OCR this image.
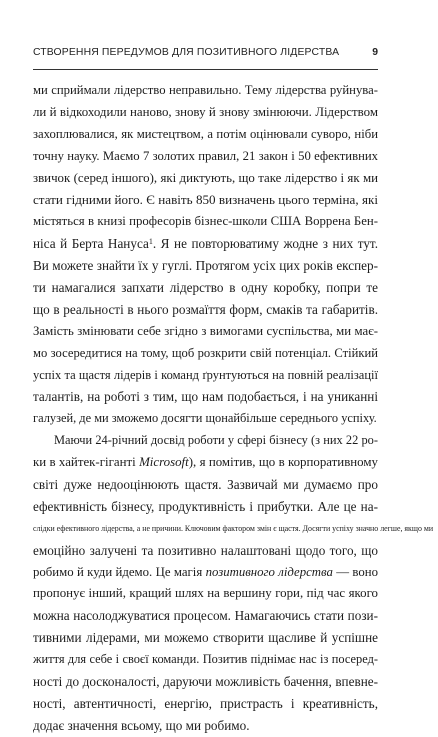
СТВОРЕННЯ ПЕРЕДУМОВ ДЛЯ ПОЗИТИВНОГО ЛІДЕРСТВА	9
ми сприймали лідерство неправильно. Тему лідерства руйнува-
ли й відкоходили наново, знову й знову змінюючи. Лідерством
захоплювалися, як мистецтвом, а потім оцінювали суворо, ніби
точну науку. Маємо 7 золотих правил, 21 закон і 50 ефективних
звичок (серед іншого), які диктують, що таке лідерство і як ми
стати гідними його. Є навіть 850 визначень цього терміна, які
містяться в книзі професорів бізнес-школи США Воррена Бен-
ніса й Берта Нануса$^1$. Я не повторюватиму жодне з них тут.
Ви можете знайти їх у гуглі. Протягом усіх цих років експер-
ти намагалися запхати лідерство в одну коробку, попри те
що в реальності в нього розмаїття форм, смаків та габаритів.
Замість змінювати себе згідно з вимогами суспільства, ми має-
мо зосередитися на тому, щоб розкрити свій потенціал. Стійкий
успіх та щастя лідерів і команд ґрунтуються на повній реалізації
талантів, на роботі з тим, що нам подобається, і на униканні
галузей, де ми зможемо досягти щонайбільше середнього успіху.
Маючи 24-річний досвід роботи у сфері бізнесу (з них 22 ро-
ки в хайтек-гіганті Microsoft), я помітив, що в корпоративному
світі дуже недооцінюють щастя. Зазвичай ми думаємо про
ефективність бізнесу, продуктивність і прибутки. Але це на-
слідки ефективного лідерства, а не причини. Ключовим фактором змін є щастя. Досягти успіху значно легше, якщо ми
емоційно залучені та позитивно налаштовані щодо того, що
робимо й куди йдемо. Це магія позитивного лідерства — воно
пропонує інший, кращий шлях на вершину гори, під час якого
можна насолоджуватися процесом. Намагаючись стати пози-
тивними лідерами, ми можемо створити щасливе й успішне
життя для себе і своєї команди. Позитив піднімає нас із посеред-
ності до досконалості, даруючи можливість бачення, впевне-
ності, автентичності, енергію, пристрасть і креативність,
додає значення всьому, що ми робимо.
